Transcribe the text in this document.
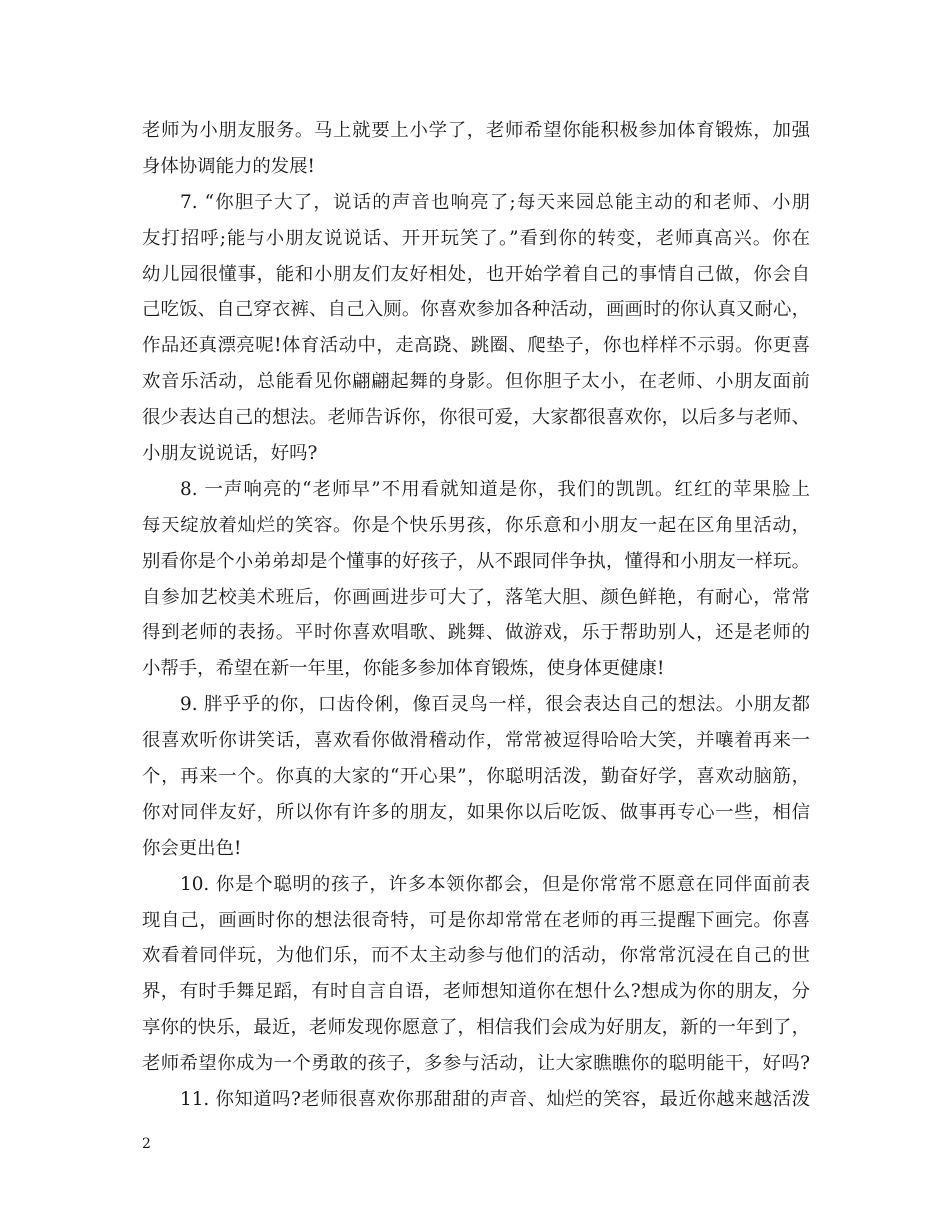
老师为小朋友服务。马上就要上小学了，老师希望你能积极参加体育锻炼，加强
身体协调能力的发展!
7. “你胆子大了，说话的声音也响亮了;每天来园总能主动的和老师、小朋
友打招呼;能与小朋友说说话、开开玩笑了。”看到你的转变，老师真高兴。你在
幼儿园很懂事，能和小朋友们友好相处，也开始学着自己的事情自己做，你会自
己吃饭、自己穿衣裤、自己入厕。你喜欢参加各种活动，画画时的你认真又耐心，
作品还真漂亮呢!体育活动中，走高跷、跳圈、爬垫子，你也样样不示弱。你更喜
欢音乐活动，总能看见你翩翩起舞的身影。但你胆子太小，在老师、小朋友面前
很少表达自己的想法。老师告诉你，你很可爱，大家都很喜欢你，以后多与老师、
小朋友说说话，好吗?
8. 一声响亮的“老师早”不用看就知道是你，我们的凯凯。红红的苹果脸上
每天绽放着灿烂的笑容。你是个快乐男孩，你乐意和小朋友一起在区角里活动，
别看你是个小弟弟却是个懂事的好孩子，从不跟同伴争执，懂得和小朋友一样玩。
自参加艺校美术班后，你画画进步可大了，落笔大胆、颜色鲜艳，有耐心，常常
得到老师的表扬。平时你喜欢唱歌、跳舞、做游戏，乐于帮助别人，还是老师的
小帮手，希望在新一年里，你能多参加体育锻炼，使身体更健康!
9. 胖乎乎的你，口齿伶俐，像百灵鸟一样，很会表达自己的想法。小朋友都
很喜欢听你讲笑话，喜欢看你做滑稽动作，常常被逗得哈哈大笑，并嚷着再来一
个，再来一个。你真的大家的“开心果”，你聪明活泼，勤奋好学，喜欢动脑筋，
你对同伴友好，所以你有许多的朋友，如果你以后吃饭、做事再专心一些，相信
你会更出色!
10. 你是个聪明的孩子，许多本领你都会，但是你常常不愿意在同伴面前表
现自己，画画时你的想法很奇特，可是你却常常在老师的再三提醒下画完。你喜
欢看着同伴玩，为他们乐，而不太主动参与他们的活动，你常常沉浸在自己的世
界，有时手舞足蹈，有时自言自语，老师想知道你在想什么?想成为你的朋友，分
享你的快乐，最近，老师发现你愿意了，相信我们会成为好朋友，新的一年到了，
老师希望你成为一个勇敢的孩子，多参与活动，让大家瞧瞧你的聪明能干，好吗?
11. 你知道吗?老师很喜欢你那甜甜的声音、灿烂的笑容，最近你越来越活泼
2
